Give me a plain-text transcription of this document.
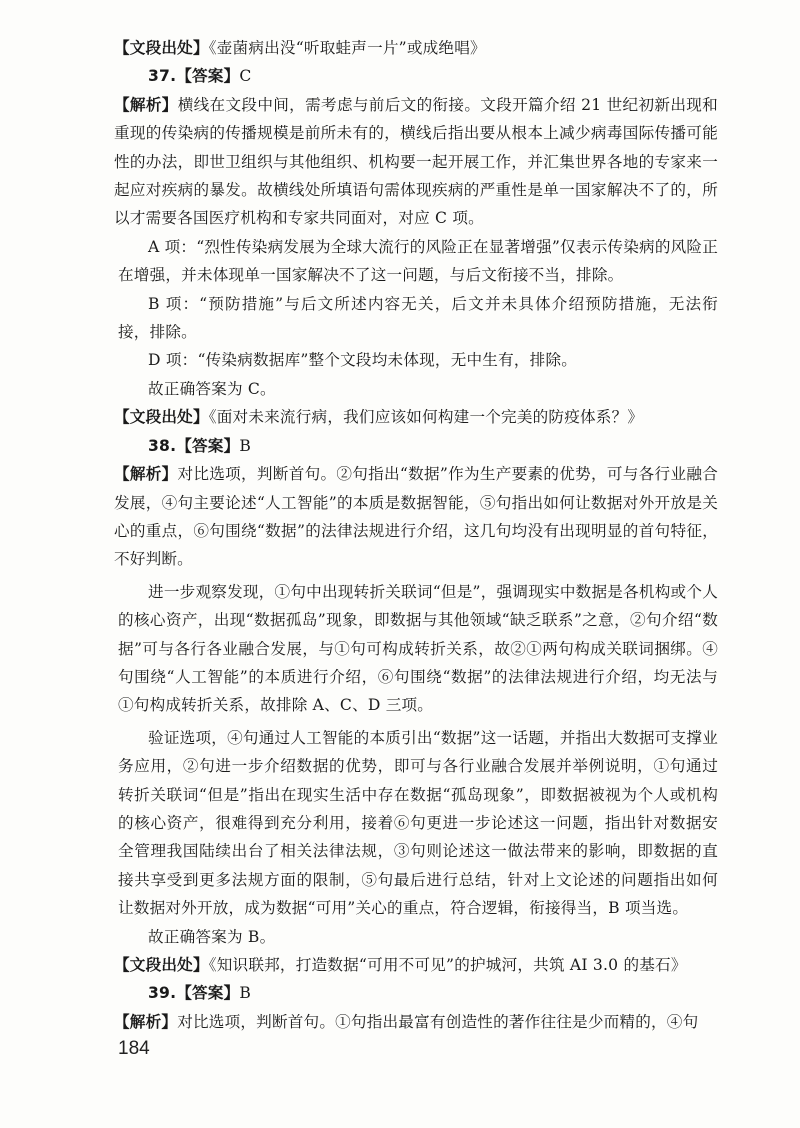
【文段出处】《壶菌病出没“听取蛙声一片”或成绝唱》

37.【答案】C

【解析】横线在文段中间，需考虑与前后文的衔接。文段开篇介绍 21 世纪初新出现和重现的传染病的传播规模是前所未有的，横线后指出要从根本上减少病毒国际传播可能性的办法，即世卫组织与其他组织、机构要一起开展工作，并汇集世界各地的专家来一起应对疾病的暴发。故横线处所填语句需体现疾病的严重性是单一国家解决不了的，所以才需要各国医疗机构和专家共同面对，对应 C 项。

A 项：“烈性传染病发展为全球大流行的风险正在显著增强”仅表示传染病的风险正在增强，并未体现单一国家解决不了这一问题，与后文衔接不当，排除。

B 项：“预防措施”与后文所述内容无关，后文并未具体介绍预防措施，无法衔接，排除。

D 项：“传染病数据库”整个文段均未体现，无中生有，排除。

故正确答案为 C。

【文段出处】《面对未来流行病，我们应该如何构建一个完美的防疫体系？》

38.【答案】B

【解析】对比选项，判断首句。②句指出“数据”作为生产要素的优势，可与各行业融合发展，④句主要论述“人工智能”的本质是数据智能，⑤句指出如何让数据对外开放是关心的重点，⑥句围绕“数据”的法律法规进行介绍，这几句均没有出现明显的首句特征，不好判断。

进一步观察发现，①句中出现转折关联词“但是”，强调现实中数据是各机构或个人的核心资产，出现“数据孤岛”现象，即数据与其他领域“缺乏联系”之意，②句介绍“数据”可与各行各业融合发展，与①句可构成转折关系，故②①两句构成关联词捆绑。④句围绕“人工智能”的本质进行介绍，⑥句围绕“数据”的法律法规进行介绍，均无法与①句构成转折关系，故排除 A、C、D 三项。

验证选项，④句通过人工智能的本质引出“数据”这一话题，并指出大数据可支撑业务应用，②句进一步介绍数据的优势，即可与各行业融合发展并举例说明，①句通过转折关联词“但是”指出在现实生活中存在数据“孤岛现象”，即数据被视为个人或机构的核心资产，很难得到充分利用，接着⑥句更进一步论述这一问题，指出针对数据安全管理我国陆续出台了相关法律法规，③句则论述这一做法带来的影响，即数据的直接共享受到更多法规方面的限制，⑤句最后进行总结，针对上文论述的问题指出如何让数据对外开放，成为数据“可用”关心的重点，符合逻辑，衔接得当，B 项当选。

故正确答案为 B。

【文段出处】《知识联邦，打造数据“可用不可见”的护城河，共筑 AI 3.0 的基石》

39.【答案】B

【解析】对比选项，判断首句。①句指出最富有创造性的著作往往是少而精的，④句

184
